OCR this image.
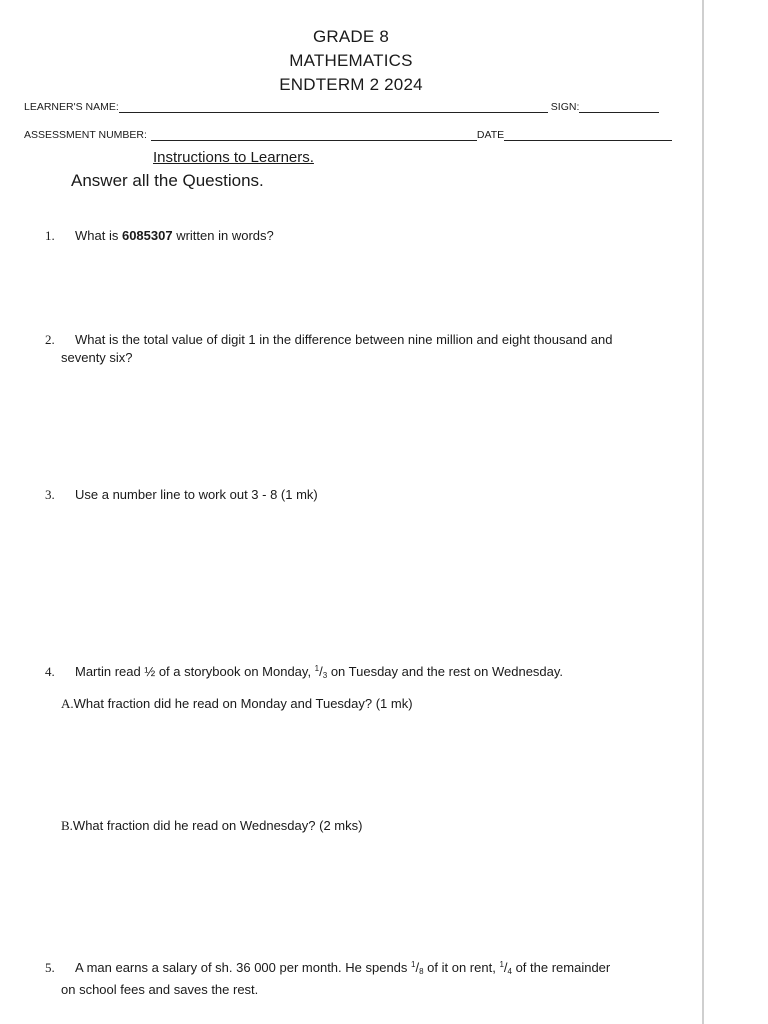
GRADE 8
MATHEMATICS
ENDTERM 2 2024
LEARNER'S NAME:	SIGN:
ASSESSMENT NUMBER:	DATE
Instructions to Learners.
Answer all the Questions.
1. What is 6085307 written in words?
2. What is the total value of digit 1 in the difference between nine million and eight thousand and
seventy six?
3. Use a number line to work out 3 - 8 (1 mk)
4. Martin read ½ of a storybook on Monday, $^1$/3 on Tuesday and the rest on Wednesday.
A.What fraction did he read on Monday and Tuesday? (1 mk)
B.What fraction did he read on Wednesday? (2 mks)
5. A man earns a salary of sh. 36 000 per month. He spends $^1$/8 of it on rent, $^1$/4 of the remainder
on school fees and saves the rest.
